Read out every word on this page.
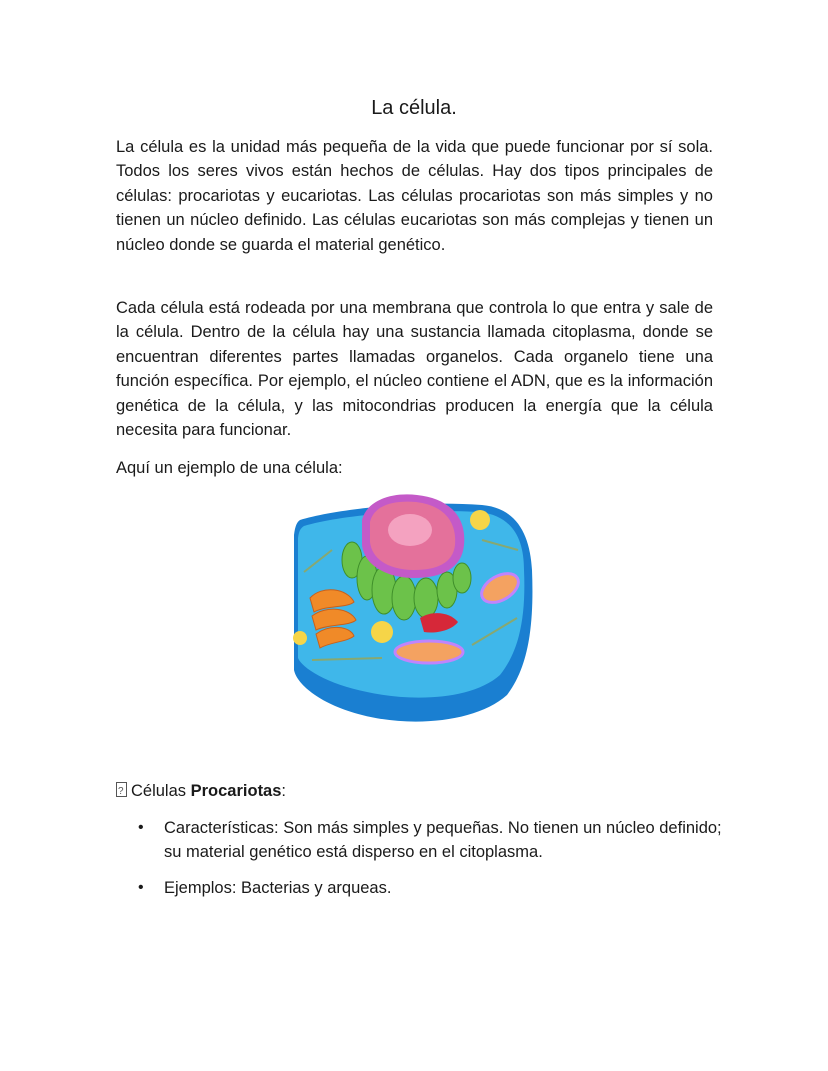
La célula.

La célula es la unidad más pequeña de la vida que puede funcionar por sí sola. Todos los seres vivos están hechos de células. Hay dos tipos principales de células: procariotas y eucariotas. Las células procariotas son más simples y no tienen un núcleo definido. Las células eucariotas son más complejas y tienen un núcleo donde se guarda el material genético.

Cada célula está rodeada por una membrana que controla lo que entra y sale de la célula. Dentro de la célula hay una sustancia llamada citoplasma, donde se encuentran diferentes partes llamadas organelos. Cada organelo tiene una función específica. Por ejemplo, el núcleo contiene el ADN, que es la información genética de la célula, y las mitocondrias producen la energía que la célula necesita para funcionar.

Aquí un ejemplo de una célula:

?Células Procariotas:
• Características: Son más simples y pequeñas. No tienen un núcleo definido; su material genético está disperso en el citoplasma.
• Ejemplos: Bacterias y arqueas.
